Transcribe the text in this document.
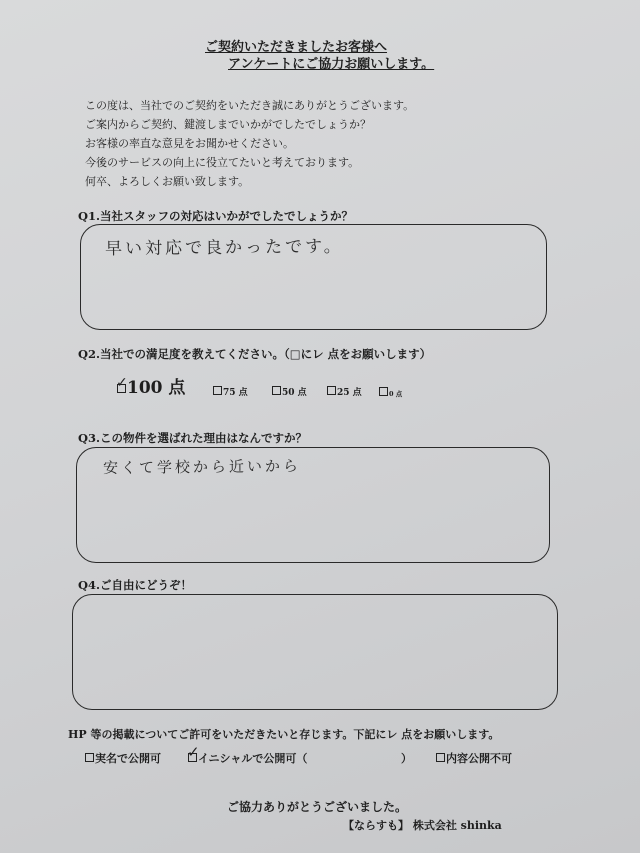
ご契約いただきましたお客様へ
アンケートにご協力お願いします。
この度は、当社でのご契約をいただき誠にありがとうございます。
ご案内からご契約、鍵渡しまでいかがでしたでしょうか？
お客様の率直な意見をお聞かせください。
今後のサービスの向上に役立てたいと考えております。
何卒、よろしくお願い致します。
Q1.当社スタッフの対応はいかがでしたでしょうか？
早い対応で良かったです。
Q2.当社での満足度を教えてください。（□にレ 点をお願いします）
✓ 100 点	75 点	50 点	25 点	0 点
Q3.この物件を選ばれた理由はなんですか？
安くて学校から近いから
Q4.ご自由にどうぞ！
HP 等の掲載についてご許可をいただきたいと存じます。下記にレ 点をお願いします。
実名で公開可 ✓
イニシャルで公開可（	）	内容公開不可
ご協力ありがとうございました。
【ならすも】 株式会社 shinka
